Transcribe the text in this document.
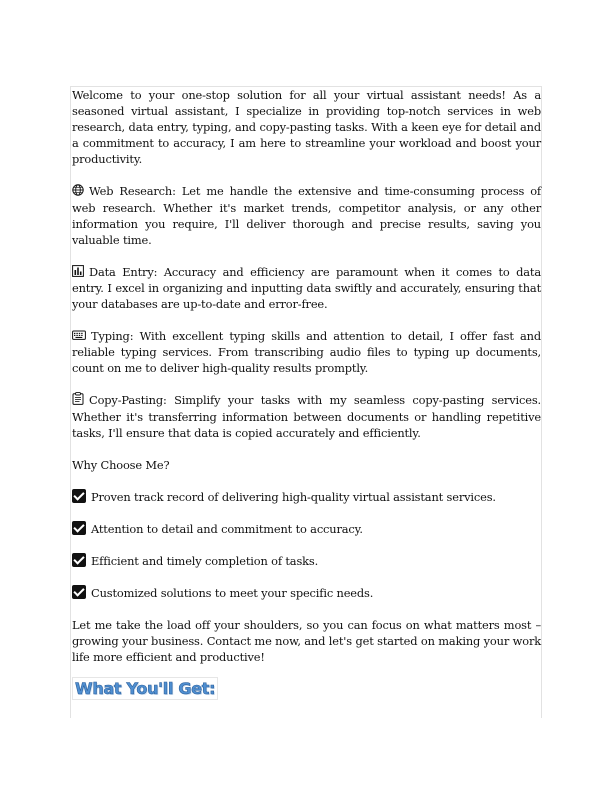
Welcome to your one-stop solution for all your virtual assistant needs! As a seasoned virtual assistant, I specialize in providing top-notch services in web research, data entry, typing, and copy-pasting tasks. With a keen eye for detail and a commitment to accuracy, I am here to streamline your workload and boost your productivity.

Web Research: Let me handle the extensive and time-consuming process of web research. Whether it's market trends, competitor analysis, or any other information you require, I'll deliver thorough and precise results, saving you valuable time.

Data Entry: Accuracy and efficiency are paramount when it comes to data entry. I excel in organizing and inputting data swiftly and accurately, ensuring that your databases are up-to-date and error-free.

Typing: With excellent typing skills and attention to detail, I offer fast and reliable typing services. From transcribing audio files to typing up documents, count on me to deliver high-quality results promptly.

Copy-Pasting: Simplify your tasks with my seamless copy-pasting services. Whether it's transferring information between documents or handling repetitive tasks, I'll ensure that data is copied accurately and efficiently.

Why Choose Me?

Proven track record of delivering high-quality virtual assistant services.

Attention to detail and commitment to accuracy.

Efficient and timely completion of tasks.

Customized solutions to meet your specific needs.

Let me take the load off your shoulders, so you can focus on what matters most – growing your business. Contact me now, and let's get started on making your work life more efficient and productive!

What You'll Get:
